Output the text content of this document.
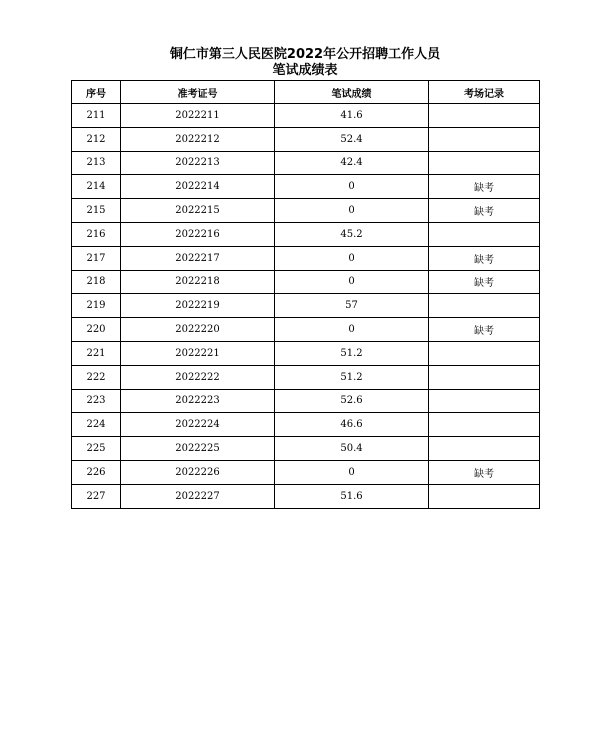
铜仁市第三人民医院2022年公开招聘工作人员
笔试成绩表
序号	准考证号	笔试成绩	考场记录
211	2022211	41.6	
212	2022212	52.4	
213	2022213	42.4	
214	2022214	0	缺考
215	2022215	0	缺考
216	2022216	45.2	
217	2022217	0	缺考
218	2022218	0	缺考
219	2022219	57	
220	2022220	0	缺考
221	2022221	51.2	
222	2022222	51.2	
223	2022223	52.6	
224	2022224	46.6	
225	2022225	50.4	
226	2022226	0	缺考
227	2022227	51.6	
